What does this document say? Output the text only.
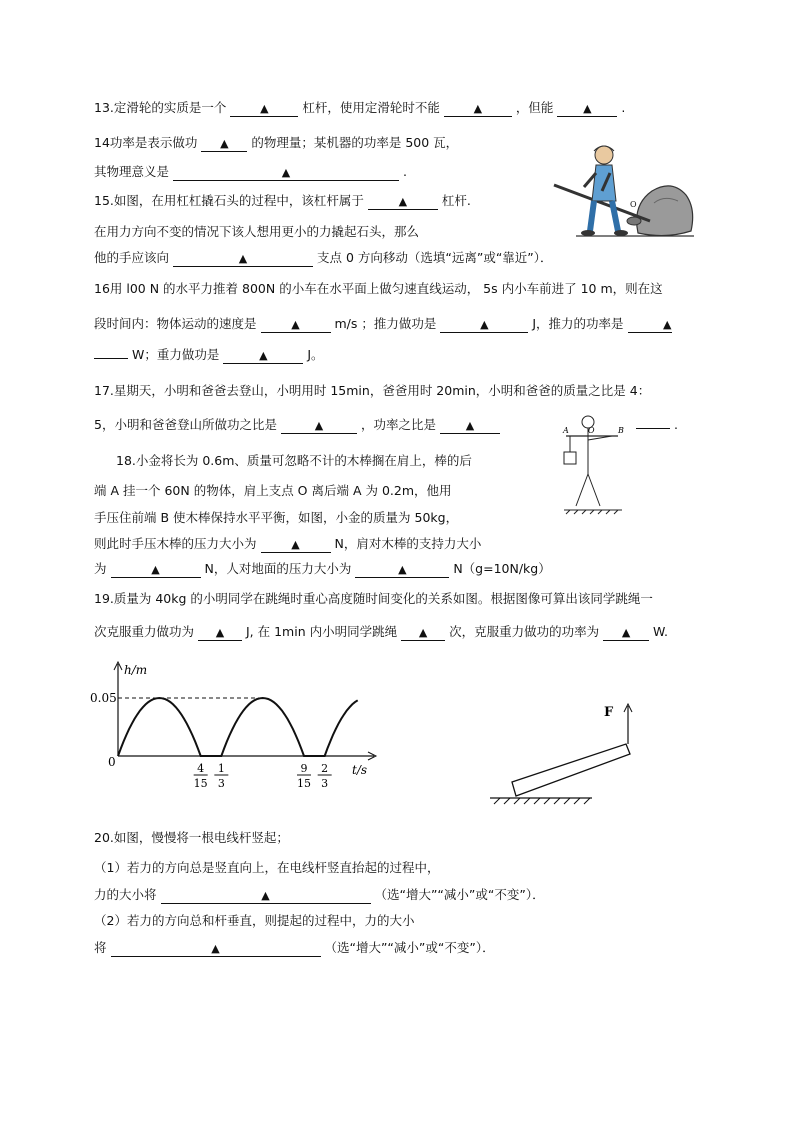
13.定滑轮的实质是一个	▲	杠杆，使用定滑轮时不能	▲	，但能	▲ .
14功率是表示做功 ▲ 的物理量；某机器的功率是 500 瓦，
其物理意义是	▲	.
15.如图，在用杠杠撬石头的过程中，该杠杆属于	▲	杠杆.
在用力方向不变的情况下该人想用更小的力撬起石头，那么
他的手应该向	▲	支点 0 方向移动（选填“远离”或“靠近”）．
O
16用 l00 N 的水平力推着 800N 的小车在水平面上做匀速直线运动， 5s 内小车前进了 10 m，则在这
段时间内：物体运动的速度是	▲	m/s ；推力做功是	▲	J，推力的功率是	▲
W；重力做功是	▲	J。
17.星期天，小明和爸爸去登山，小明用时 15min，爸爸用时 20min，小明和爸爸的质量之比是 4：
5，小明和爸爸登山所做功之比是	▲	，功率之比是	▲	.
A O	B
18.小金将长为 0.6m、质量可忽略不计的木棒搁在肩上，棒的后
端 A 挂一个 60N 的物体，肩上支点 O 离后端 A 为 0.2m，他用
手压住前端 B 使木棒保持水平平衡，如图，小金的质量为 50kg，
则此时手压木棒的压力大小为	▲	N，肩对木棒的支持力大小
为	▲	N，人对地面的压力大小为	▲	N（g=10N/kg）
19.质量为 40kg 的小明同学在跳绳时重心高度随时间变化的关系如图。根据图像可算出该同学跳绳一
次克服重力做功为 ▲ J, 在 1min 内小明同学跳绳 ▲ 次，克服重力做功的功率为 ▲ W.
h/m
t/s
0	4
15
1
3
9
15
2
3
0.05
F
20.如图，慢慢将一根电线杆竖起；
（1）若力的方向总是竖直向上，在电线杆竖直抬起的过程中，
力的大小将	▲	（选“增大”“减小”或“不变”）．
（2）若力的方向总和杆垂直，则提起的过程中，力的大小
将	▲	（选“增大”“减小”或“不变”）．
